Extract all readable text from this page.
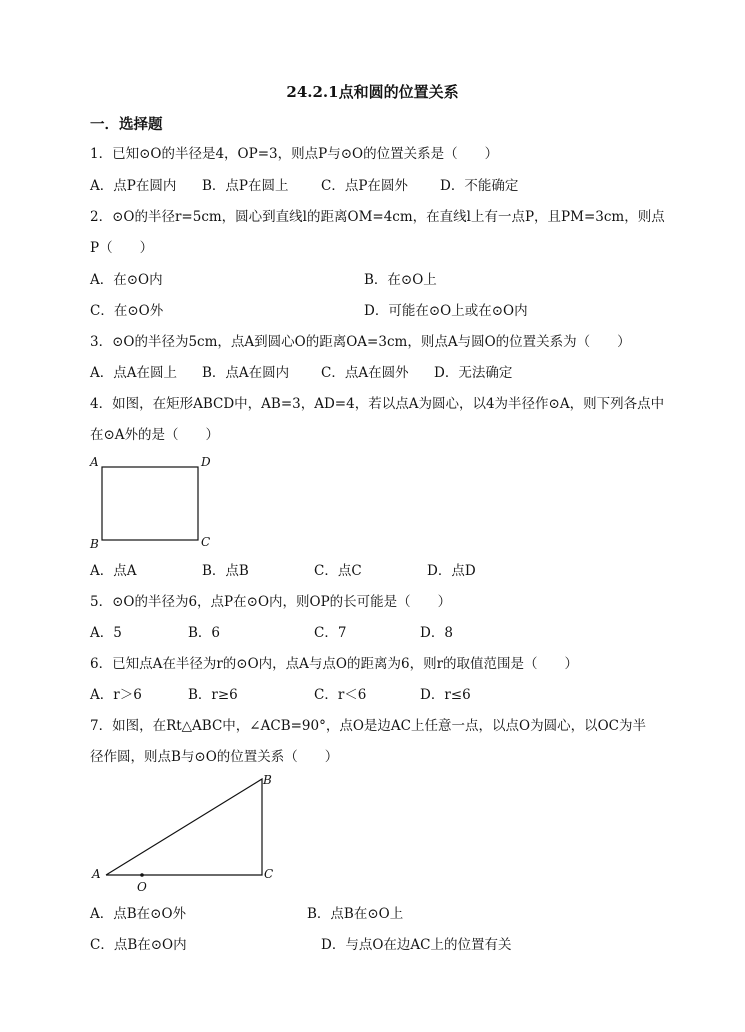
24.2.1点和圆的位置关系
一．选择题
1．已知⊙O的半径是4，OP=3，则点P与⊙O的位置关系是（　　）
A．点P在圆内 B．点P在圆上 C．点P在圆外 D．不能确定
2．⊙O的半径r=5cm，圆心到直线l的距离OM=4cm，在直线l上有一点P，且PM=3cm，则点
P（　　）
A．在⊙O内	B．在⊙O上
C．在⊙O外	D．可能在⊙O上或在⊙O内
3．⊙O的半径为5cm，点A到圆心O的距离OA=3cm，则点A与圆O的位置关系为（　　）
A．点A在圆上 B．点A在圆内 C．点A在圆外 D．无法确定
4．如图，在矩形ABCD中，AB=3，AD=4，若以点A为圆心，以4为半径作⊙A，则下列各点中
在⊙A外的是（　　）
A	D
B	C
A．点A	B．点B	C．点C	D．点D
5．⊙O的半径为6，点P在⊙O内，则OP的长可能是（　　）
A．5	B．6	C．7	D．8
6．已知点A在半径为r的⊙O内，点A与点O的距离为6，则r的取值范围是（　　）
A．r＞6	B．r≥6	C．r＜6	D．r≤6
7．如图，在Rt△ABC中，∠ACB=90°，点O是边AC上任意一点，以点O为圆心，以OC为半
径作圆，则点B与⊙O的位置关系（　　）
A
B
C
O
A．点B在⊙O外	B．点B在⊙O上
C．点B在⊙O内	D．与点O在边AC上的位置有关
